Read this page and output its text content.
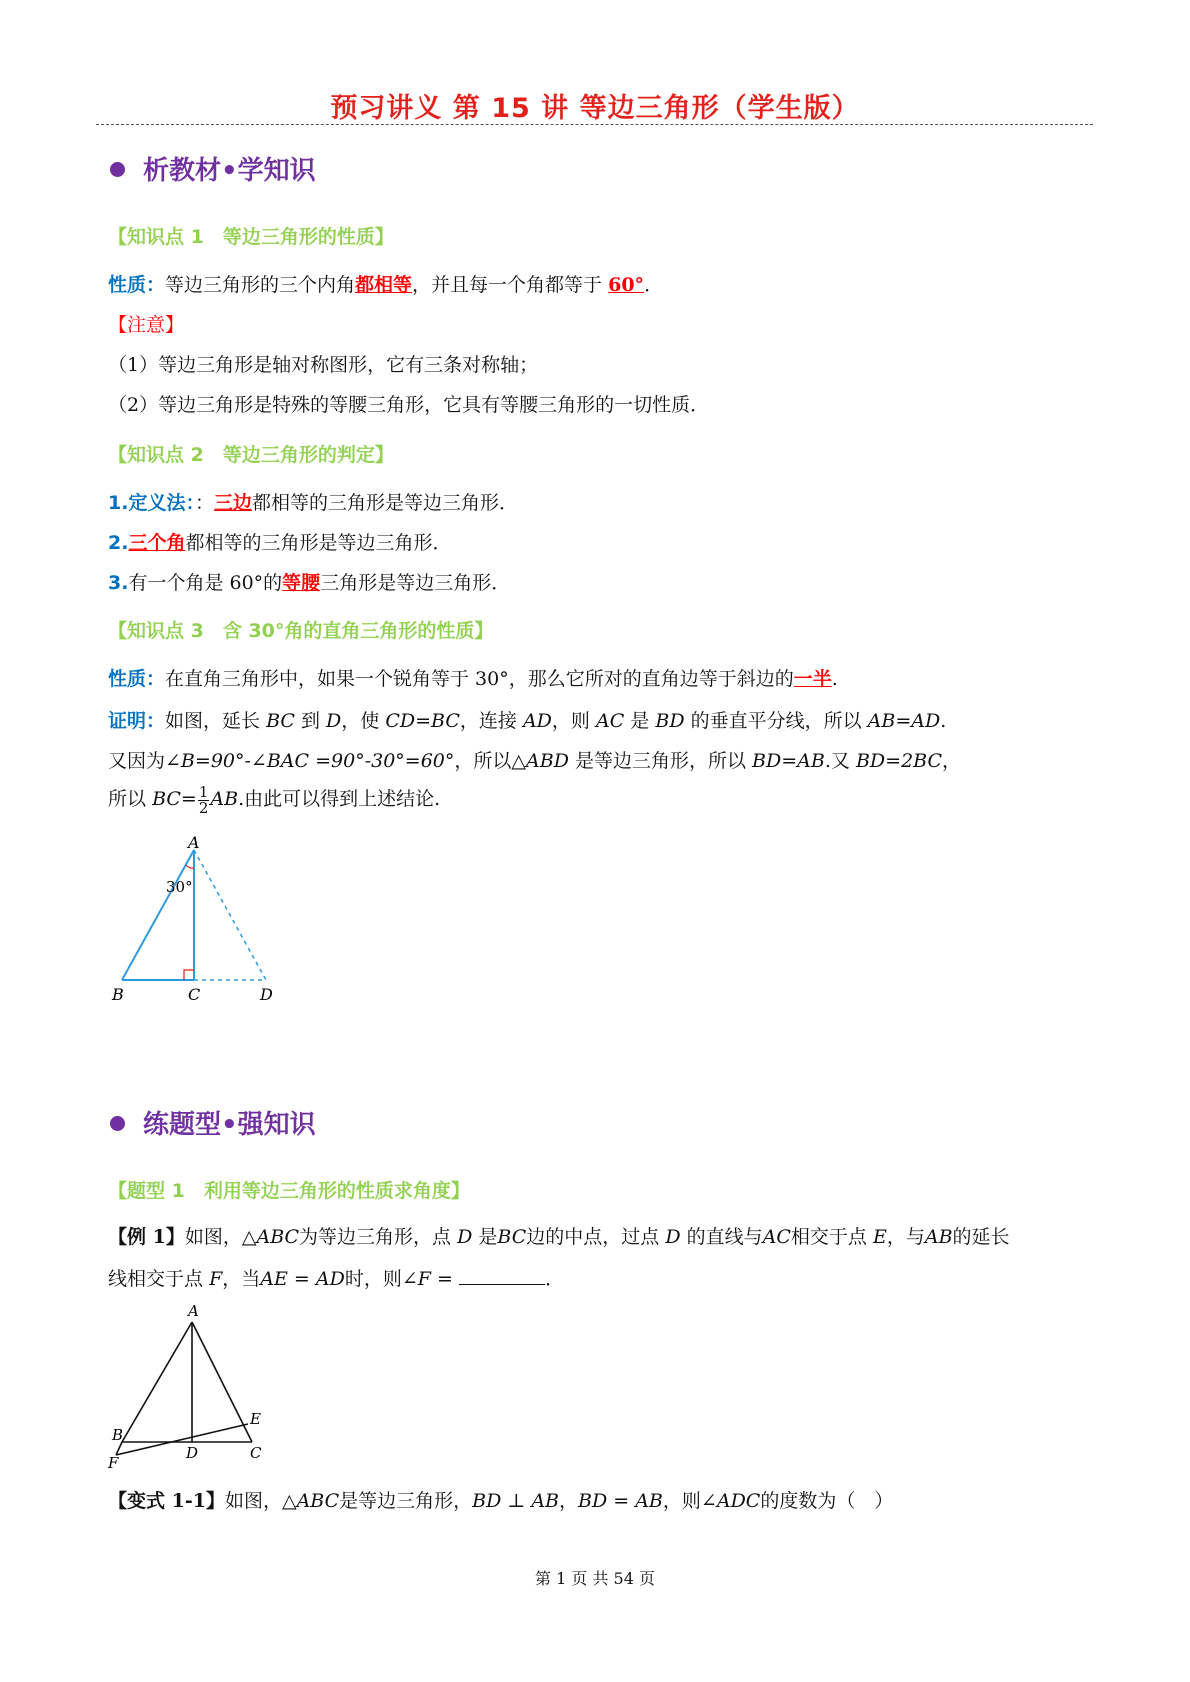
预习讲义 第 15 讲 等边三角形（学生版）
析教材•学知识
【知识点 1　等边三角形的性质】
性质：等边三角形的三个内角都相等，并且每一个角都等于 60°．
【注意】
（1）等边三角形是轴对称图形，它有三条对称轴；
（2）等边三角形是特殊的等腰三角形，它具有等腰三角形的一切性质．
【知识点 2　等边三角形的判定】
1.定义法：：三边都相等的三角形是等边三角形．
2.三个角都相等的三角形是等边三角形．
3.有一个角是 60°的等腰三角形是等边三角形．
【知识点 3　含 30°角的直角三角形的性质】
性质：在直角三角形中，如果一个锐角等于 30°，那么它所对的直角边等于斜边的一半.
证明：如图，延长 BC 到 D，使 CD=BC，连接 AD，则 AC 是 BD 的垂直平分线，所以 AB=AD.
又因为∠B=90°-∠BAC =90°-30°=60°，所以△ABD 是等边三角形，所以 BD=AB.又 BD=2BC，
所以 $BC= \frac{1}{2}$ AB.由此可以得到上述结论.
A
B	C	D
30°
练题型•强知识
【题型 1　利用等边三角形的性质求角度】
【例 1】如图，△ABC为等边三角形，点 D 是BC边的中点，过点 D 的直线与AC相交于点 E，与AB的延长
线相交于点 F，当AE = AD时，则∠F =	．
A
B
C
D
E
F
【变式 1-1】如图，△ABC是等边三角形，BD ⊥ AB，BD = AB，则∠ADC的度数为（　）
第 1 页 共 54 页
